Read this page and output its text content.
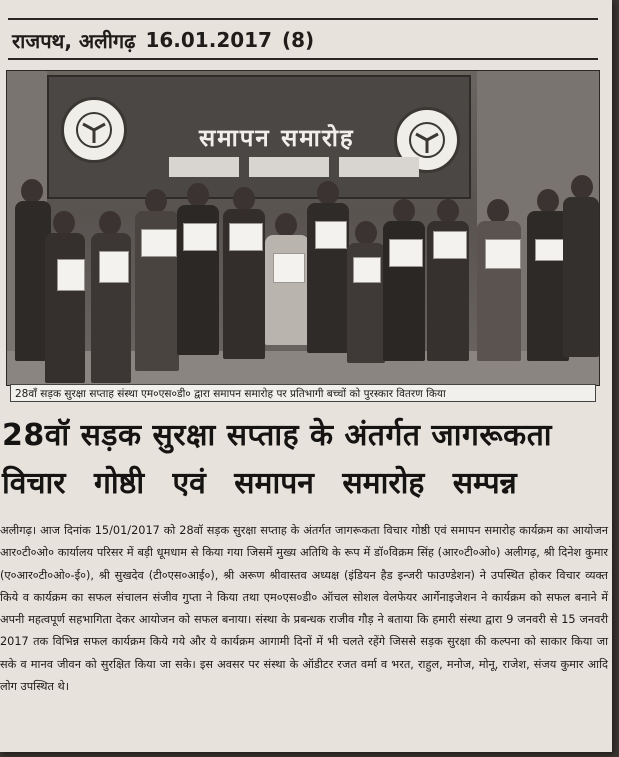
राजपथ, अलीगढ़ 16.01.2017 (8)
समापन समारोह
28वाँ सड़क सुरक्षा सप्ताह संस्था एम०एस०डी० द्वारा समापन समारोह पर प्रतिभागी बच्चों को पुरस्कार वितरण किया
28वॉ सड़क सुरक्षा सप्ताह के अंतर्गत जागरूकता
विचार गोष्ठी एवं समापन समारोह सम्पन्न

अलीगढ़। आज दिनांक 15/01/2017 को 28वॉ सड़क सुरक्षा सप्ताह के अंतर्गत जागरूकता विचार गोष्ठी एवं समापन समारोह कार्यक्रम का आयोजन आर०टी०ओ० कार्यालय परिसर में बड़ी धूमधाम से किया गया जिसमें मुख्य अतिथि के रूप में डॉ०विक्रम सिंह (आर०टी०ओ०) अलीगढ़, श्री दिनेश कुमार (ए०आर०टी०ओ०-ई०), श्री सुखदेव (टी०एस०आई०), श्री अरूण श्रीवास्तव अध्यक्ष (इंडियन हैड इन्जरी फाउण्डेशन) ने उपस्थित होकर विचार व्यक्त किये व कार्यक्रम का सफल संचालन संजीव गुप्ता ने किया तथा एम०एस०डी० ऑचल सोशल वेलफेयर आर्गेनाइजेशन ने कार्यक्रम को सफल बनाने में अपनी महत्वपूर्ण सहभागिता देकर आयोजन को सफल बनाया। संस्था के प्रबन्धक राजीव गौड़ ने बताया कि हमारी संस्था द्वारा 9 जनवरी से 15 जनवरी 2017 तक विभिन्न सफल कार्यक्रम किये गये और ये कार्यक्रम आगामी दिनों में भी चलते रहेंगे जिससे सड़क सुरक्षा की कल्पना को साकार किया जा सके व मानव जीवन को सुरक्षित किया जा सके। इस अवसर पर संस्था के ऑडीटर रजत वर्मा व भरत, राहुल, मनोज, मोनू, राजेश, संजय कुमार आदि लोग उपस्थित थे।
